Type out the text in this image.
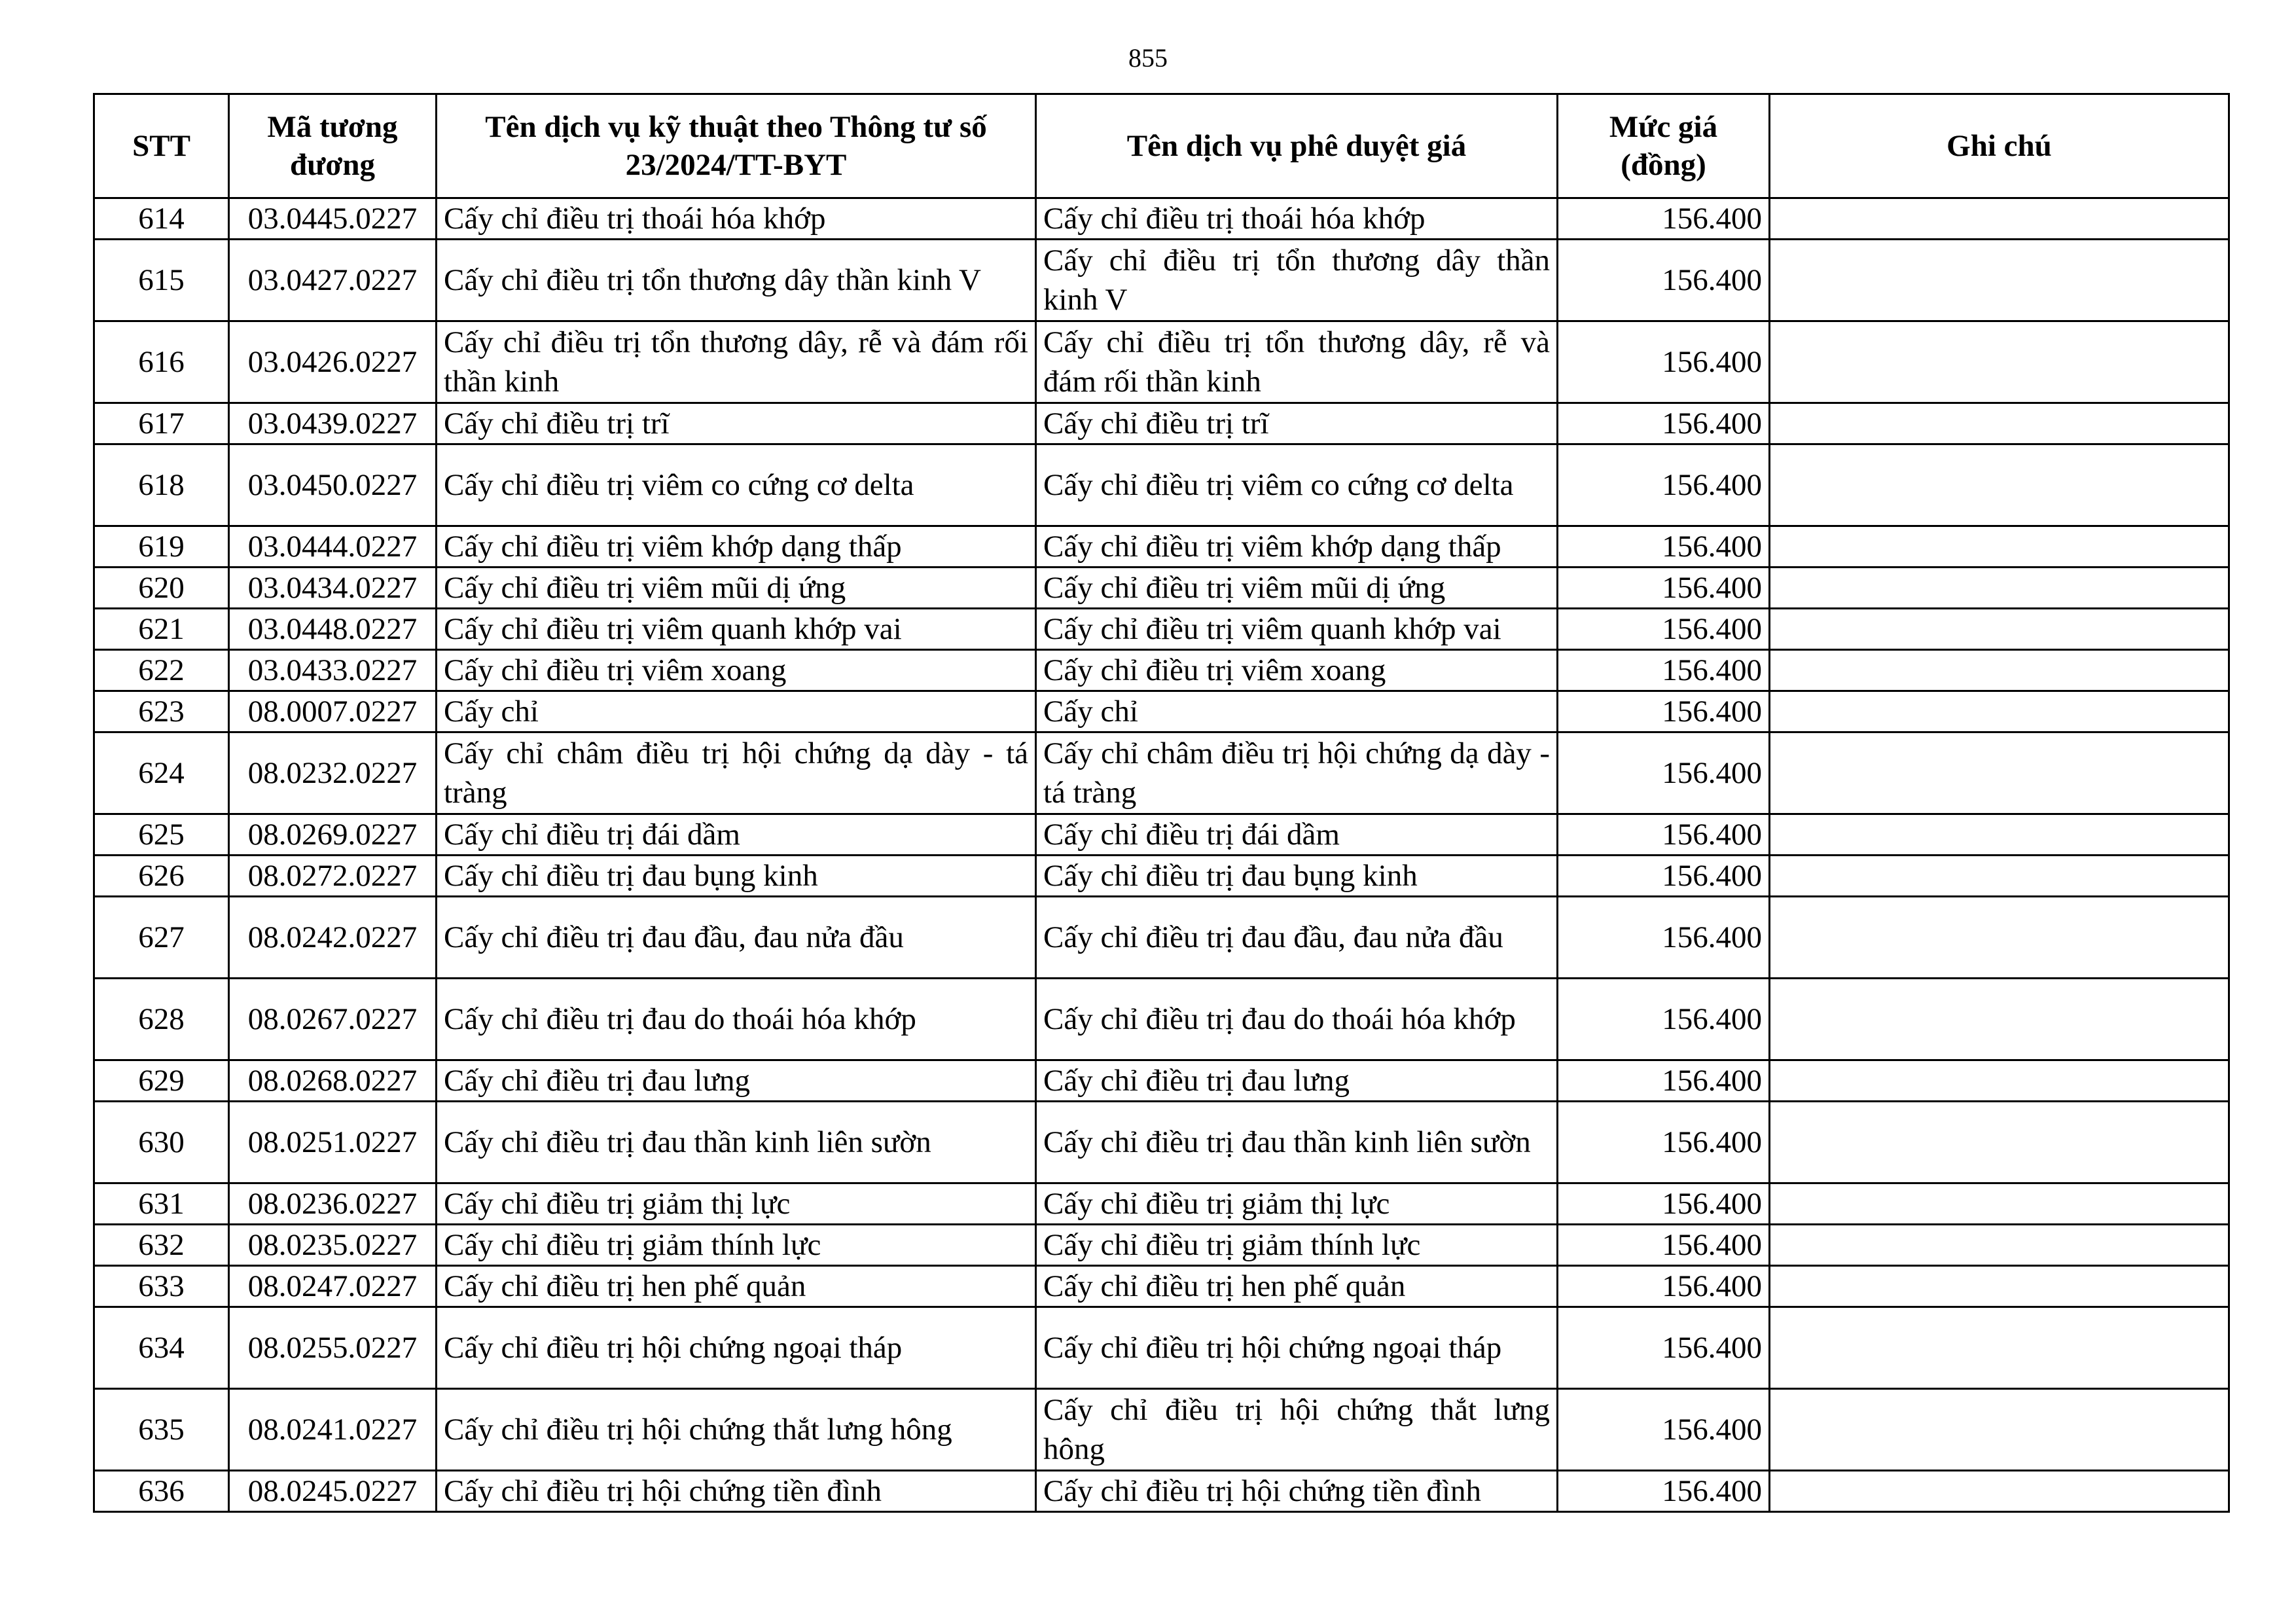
855
STT	Mã tương đương	Tên dịch vụ kỹ thuật theo Thông tư số 23/2024/TT-BYT	Tên dịch vụ phê duyệt giá	Mức giá (đồng)	Ghi chú
614	03.0445.0227	Cấy chỉ điều trị thoái hóa khớp	Cấy chỉ điều trị thoái hóa khớp	156.400	
615	03.0427.0227	Cấy chỉ điều trị tổn thương dây thần kinh V	Cấy chỉ điều trị tổn thương dây thần kinh V	156.400	
616	03.0426.0227	Cấy chỉ điều trị tổn thương dây, rễ và đám rối thần kinh	Cấy chỉ điều trị tổn thương dây, rễ và đám rối thần kinh	156.400	
617	03.0439.0227	Cấy chỉ điều trị trĩ	Cấy chỉ điều trị trĩ	156.400	
618	03.0450.0227	Cấy chỉ điều trị viêm co cứng cơ delta	Cấy chỉ điều trị viêm co cứng cơ delta	156.400	
619	03.0444.0227	Cấy chỉ điều trị viêm khớp dạng thấp	Cấy chỉ điều trị viêm khớp dạng thấp	156.400	
620	03.0434.0227	Cấy chỉ điều trị viêm mũi dị ứng	Cấy chỉ điều trị viêm mũi dị ứng	156.400	
621	03.0448.0227	Cấy chỉ điều trị viêm quanh khớp vai	Cấy chỉ điều trị viêm quanh khớp vai	156.400	
622	03.0433.0227	Cấy chỉ điều trị viêm xoang	Cấy chỉ điều trị viêm xoang	156.400	
623	08.0007.0227	Cấy chỉ	Cấy chỉ	156.400	
624	08.0232.0227	Cấy chỉ châm điều trị hội chứng dạ dày - tá tràng	Cấy chỉ châm điều trị hội chứng dạ dày - tá tràng	156.400	
625	08.0269.0227	Cấy chỉ điều trị đái dầm	Cấy chỉ điều trị đái dầm	156.400	
626	08.0272.0227	Cấy chỉ điều trị đau bụng kinh	Cấy chỉ điều trị đau bụng kinh	156.400	
627	08.0242.0227	Cấy chỉ điều trị đau đầu, đau nửa đầu	Cấy chỉ điều trị đau đầu, đau nửa đầu	156.400	
628	08.0267.0227	Cấy chỉ điều trị đau do thoái hóa khớp	Cấy chỉ điều trị đau do thoái hóa khớp	156.400	
629	08.0268.0227	Cấy chỉ điều trị đau lưng	Cấy chỉ điều trị đau lưng	156.400	
630	08.0251.0227	Cấy chỉ điều trị đau thần kinh liên sườn	Cấy chỉ điều trị đau thần kinh liên sườn	156.400	
631	08.0236.0227	Cấy chỉ điều trị giảm thị lực	Cấy chỉ điều trị giảm thị lực	156.400	
632	08.0235.0227	Cấy chỉ điều trị giảm thính lực	Cấy chỉ điều trị giảm thính lực	156.400	
633	08.0247.0227	Cấy chỉ điều trị hen phế quản	Cấy chỉ điều trị hen phế quản	156.400	
634	08.0255.0227	Cấy chỉ điều trị hội chứng ngoại tháp	Cấy chỉ điều trị hội chứng ngoại tháp	156.400	
635	08.0241.0227	Cấy chỉ điều trị hội chứng thắt lưng hông	Cấy chỉ điều trị hội chứng thắt lưng hông	156.400	
636	08.0245.0227	Cấy chỉ điều trị hội chứng tiền đình	Cấy chỉ điều trị hội chứng tiền đình	156.400	
